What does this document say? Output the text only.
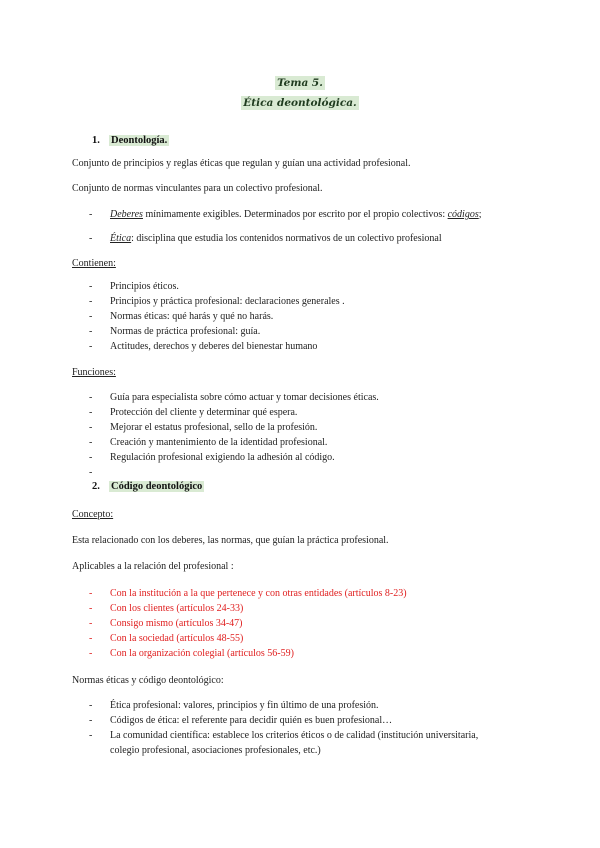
Tema 5.
Ética deontológica.
1. Deontología.
Conjunto de principios y reglas éticas que regulan y guían una actividad profesional.
Conjunto de normas vinculantes para un colectivo profesional.
- Deberes mínimamente exigibles. Determinados por escrito por el propio colectivos: códigos;
- Ética: disciplina que estudia los contenidos normativos de un colectivo profesional
Contienen:
- Principios éticos.
- Principios y práctica profesional: declaraciones generales .
- Normas éticas: qué harás y qué no harás.
- Normas de práctica profesional: guía.
- Actitudes, derechos y deberes del bienestar humano
Funciones:
- Guía para especialista sobre cómo actuar y tomar decisiones éticas.
- Protección del cliente y determinar qué espera.
- Mejorar el estatus profesional, sello de la profesión.
- Creación y mantenimiento de la identidad profesional.
- Regulación profesional exigiendo la adhesión al código.
-
2. Código deontológico
Concepto:
Esta relacionado con los deberes, las normas, que guían la práctica profesional.
Aplicables a la relación del profesional :
- Con la institución a la que pertenece y con otras entidades (artículos 8-23)
- Con los clientes (artículos 24-33)
- Consigo mismo (artículos 34-47)
- Con la sociedad (artículos 48-55)
- Con la organización colegial (artículos 56-59)
Normas éticas y código deontológico:
- Ética profesional: valores, principios y fin último de una profesión.
- Códigos de ética: el referente para decidir quién es buen profesional…
- La comunidad científica: establece los criterios éticos o de calidad (institución universitaria,
colegio profesional, asociaciones profesionales, etc.)
